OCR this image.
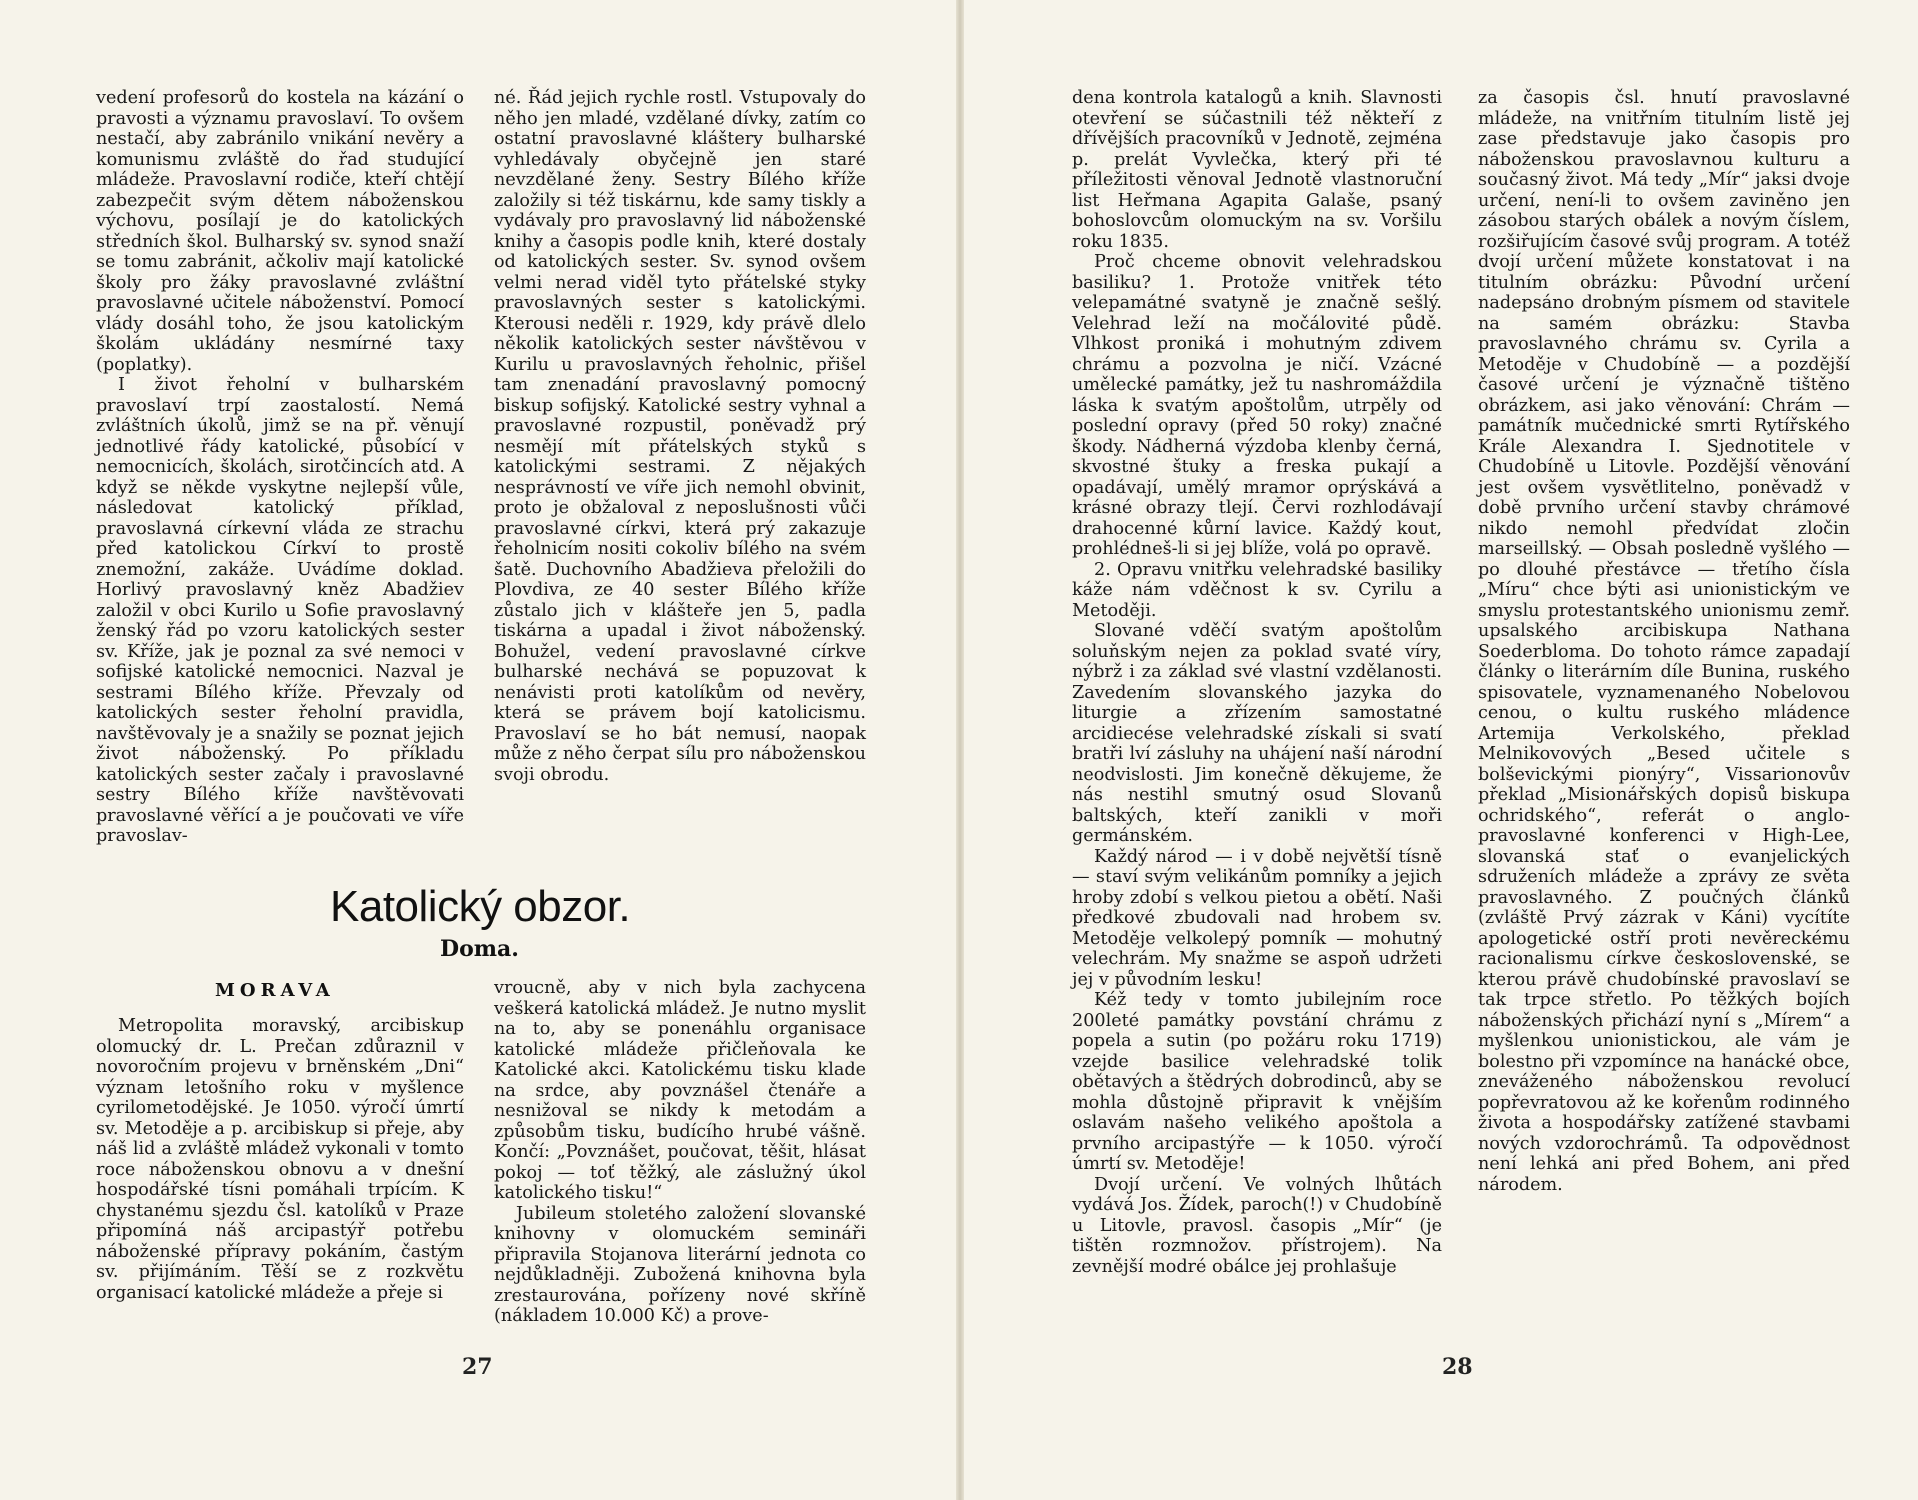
vedení profesorů do kostela na kázání o pravosti a významu pravoslaví. To ovšem nestačí, aby zabránilo vnikání nevěry a komunismu zvláště do řad studující mládeže. Pravoslavní rodiče, kteří chtějí zabezpečit svým dětem náboženskou výchovu, posílají je do katolických středních škol. Bulharský sv. synod snaží se tomu zabránit, ačkoliv mají katolické školy pro žáky pravoslavné zvláštní pravoslavné učitele náboženství. Pomocí vlády dosáhl toho, že jsou katolickým školám ukládány nesmírné taxy (poplatky).

I život řeholní v bulharském pravoslaví trpí zaostalostí. Nemá zvláštních úkolů, jimž se na př. věnují jednotlivé řády katolické, působící v nemocnicích, školách, sirotčincích atd. A když se někde vyskytne nejlepší vůle, následovat katolický příklad, pravoslavná církevní vláda ze strachu před katolickou Církví to prostě znemožní, zakáže. Uvádíme doklad. Horlivý pravoslavný kněz Abadžiev založil v obci Kurilo u Sofie pravoslavný ženský řád po vzoru katolických sester sv. Kříže, jak je poznal za své nemoci v sofijské katolické nemocnici. Nazval je sestrami Bílého kříže. Převzaly od katolických sester řeholní pravidla, navštěvovaly je a snažily se poznat jejich život náboženský. Po příkladu katolických sester začaly i pravoslavné sestry Bílého kříže navštěvovati pravoslavné věřící a je poučovati ve víře pravoslav-

né. Řád jejich rychle rostl. Vstupovaly do něho jen mladé, vzdělané dívky, zatím co ostatní pravoslavné kláštery bulharské vyhledávaly obyčejně jen staré nevzdělané ženy. Sestry Bílého kříže založily si též tiskárnu, kde samy tiskly a vydávaly pro pravoslavný lid náboženské knihy a časopis podle knih, které dostaly od katolických sester. Sv. synod ovšem velmi nerad viděl tyto přátelské styky pravoslavných sester s katolickými. Kterousi neděli r. 1929, kdy právě dlelo několik katolických sester návštěvou v Kurilu u pravoslavných řeholnic, přišel tam znenadání pravoslavný pomocný biskup sofijský. Katolické sestry vyhnal a pravoslavné rozpustil, poněvadž prý nesmějí mít přátelských styků s katolickými sestrami. Z nějakých nesprávností ve víře jich nemohl obvinit, proto je obžaloval z neposlušnosti vůči pravoslavné církvi, která prý zakazuje řeholnicím nositi cokoliv bílého na svém šatě. Duchovního Abadžieva přeložili do Plovdiva, ze 40 sester Bílého kříže zůstalo jich v klášteře jen 5, padla tiskárna a upadal i život náboženský. Bohužel, vedení pravoslavné církve bulharské nechává se popuzovat k nenávisti proti katolíkům od nevěry, která se právem bojí katolicismu. Pravoslaví se ho bát nemusí, naopak může z něho čerpat sílu pro náboženskou svoji obrodu.

Katolický obzor.
Doma.
MORAVA

Metropolita moravský, arcibiskup olomucký dr. L. Prečan zdůraznil v novoročním projevu v brněnském „Dni“ význam letošního roku v myšlence cyrilometodějské. Je 1050. výročí úmrtí sv. Metoděje a p. arcibiskup si přeje, aby náš lid a zvláště mládež vykonali v tomto roce náboženskou obnovu a v dnešní hospodářské tísni pomáhali trpícím. K chystanému sjezdu čsl. katolíků v Praze připomíná náš arcipastýř potřebu náboženské přípravy pokáním, častým sv. přijímáním. Těší se z rozkvětu organisací katolické mládeže a přeje si

vroucně, aby v nich byla zachycena veškerá katolická mládež. Je nutno myslit na to, aby se ponenáhlu organisace katolické mládeže přičleňovala ke Katolické akci. Katolickému tisku klade na srdce, aby povznášel čtenáře a nesnižoval se nikdy k metodám a způsobům tisku, budícího hrubé vášně. Končí: „Povznášet, poučovat, těšit, hlásat pokoj — toť těžký, ale záslužný úkol katolického tisku!“

Jubileum stoletého založení slovanské knihovny v olomuckém semináři připravila Stojanova literární jednota co nejdůkladněji. Zubožená knihovna byla zrestaurována, pořízeny nové skříně (nákladem 10.000 Kč) a prove-

27

dena kontrola katalogů a knih. Slavnosti otevření se súčastnili též někteří z dřívějších pracovníků v Jednotě, zejména p. prelát Vyvlečka, který při té příležitosti věnoval Jednotě vlastnoruční list Heřmana Agapita Galaše, psaný bohoslovcům olomuckým na sv. Voršilu roku 1835.

Proč chceme obnovit velehradskou basiliku? 1. Protože vnitřek této velepamátné svatyně je značně sešlý. Velehrad leží na močálovité půdě. Vlhkost proniká i mohutným zdivem chrámu a pozvolna je ničí. Vzácné umělecké památky, jež tu nashromáždila láska k svatým apoštolům, utrpěly od poslední opravy (před 50 roky) značné škody. Nádherná výzdoba klenby černá, skvostné štuky a freska pukají a opadávají, umělý mramor oprýskává a krásné obrazy tlejí. Červi rozhlodávají drahocenné kůrní lavice. Každý kout, prohlédneš-li si jej blíže, volá po opravě.

2. Opravu vnitřku velehradské basiliky káže nám vděčnost k sv. Cyrilu a Metoději.

Slované vděčí svatým apoštolům soluňským nejen za poklad svaté víry, nýbrž i za základ své vlastní vzdělanosti. Zavedením slovanského jazyka do liturgie a zřízením samostatné arcidiecése velehradské získali si svatí bratři lví zásluhy na uhájení naší národní neodvislosti. Jim konečně děkujeme, že nás nestihl smutný osud Slovanů baltských, kteří zanikli v moři germánském.

Každý národ — i v době největší tísně — staví svým velikánům pomníky a jejich hroby zdobí s velkou pietou a obětí. Naši předkové zbudovali nad hrobem sv. Metoděje velkolepý pomník — mohutný velechrám. My snažme se aspoň udržeti jej v původním lesku!

Kéž tedy v tomto jubilejním roce 200leté památky povstání chrámu z popela a sutin (po požáru roku 1719) vzejde basilice velehradské tolik obětavých a štědrých dobrodinců, aby se mohla důstojně připravit k vnějším oslavám našeho velikého apoštola a prvního arcipastýře — k 1050. výročí úmrtí sv. Metoděje!

Dvojí určení. Ve volných lhůtách vydává Jos. Žídek, paroch(!) v Chudobíně u Litovle, pravosl. časopis „Mír“ (je tištěn rozmnožov. přístrojem). Na zevnější modré obálce jej prohlašuje

za časopis čsl. hnutí pravoslavné mládeže, na vnitřním titulním listě jej zase představuje jako časopis pro náboženskou pravoslavnou kulturu a současný život. Má tedy „Mír“ jaksi dvoje určení, není-li to ovšem zaviněno jen zásobou starých obálek a novým číslem, rozšiřujícím časové svůj program. A totéž dvojí určení můžete konstatovat i na titulním obrázku: Původní určení nadepsáno drobným písmem od stavitele na samém obrázku: Stavba pravoslavného chrámu sv. Cyrila a Metoděje v Chudobíně — a pozdější časové určení je význačně tištěno obrázkem, asi jako věnování: Chrám — památník mučednické smrti Rytířského Krále Alexandra I. Sjednotitele v Chudobíně u Litovle. Pozdější věnování jest ovšem vysvětlitelno, poněvadž v době prvního určení stavby chrámové nikdo nemohl předvídat zločin marseillský. — Obsah posledně vyšlého — po dlouhé přestávce — třetího čísla „Míru“ chce býti asi unionistickým ve smyslu protestantského unionismu zemř. upsalského arcibiskupa Nathana Soederbloma. Do tohoto rámce zapadají články o literárním díle Bunina, ruského spisovatele, vyznamenaného Nobelovou cenou, o kultu ruského mládence Artemija Verkolského, překlad Melnikovových „Besed učitele s bolševickými pionýry“, Vissarionovův překlad „Misionářských dopisů biskupa ochridského“, referát o anglo-pravoslavné konferenci v High-Lee, slovanská stať o evanjelických sdruženích mládeže a zprávy ze světa pravoslavného. Z poučných článků (zvláště Prvý zázrak v Káni) vycítíte apologetické ostří proti nevěreckému racionalismu církve československé, se kterou právě chudobínské pravoslaví se tak trpce střetlo. Po těžkých bojích náboženských přichází nyní s „Mírem“ a myšlenkou unionistickou, ale vám je bolestno při vzpomínce na hanácké obce, zneváženého náboženskou revolucí popřevratovou až ke kořenům rodinného života a hospodářsky zatížené stavbami nových vzdorochrámů. Ta odpovědnost není lehká ani před Bohem, ani před národem.

28
